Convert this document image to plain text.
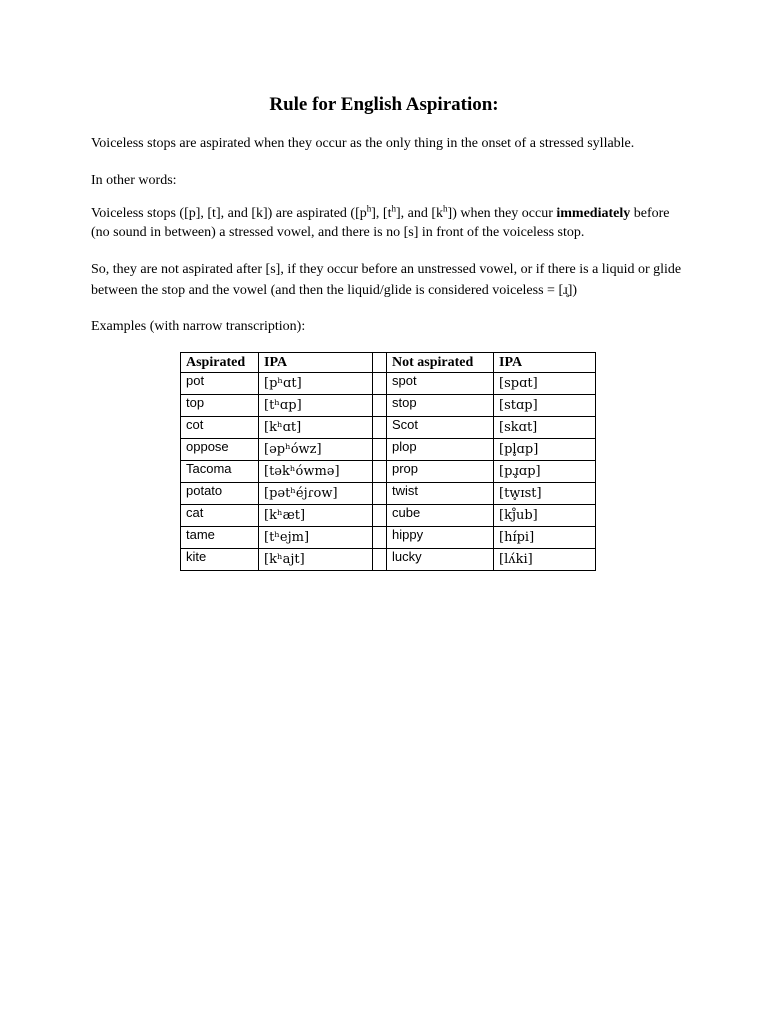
Rule for English Aspiration:
Voiceless stops are aspirated when they occur as the only thing in the onset of a stressed syllable.
In other words:
Voiceless stops ([p], [t], and [k]) are aspirated ($[p^h]$, $[t^h]$, and $[k^h]$) when they occur immediately before (no sound in between) a stressed vowel, and there is no [s] in front of the voiceless stop.
So, they are not aspirated after [s], if they occur before an unstressed vowel, or if there is a liquid or glide between the stop and the vowel (and then the liquid/glide is considered voiceless = [ɹ̥])
Examples (with narrow transcription):
Aspirated	IPA		Not aspirated	IPA
pot	[pʰɑt]		spot	[spɑt]
top	[tʰɑp]		stop	[stɑp]
cot	[kʰɑt]		Scot	[skɑt]
oppose	[əpʰówz]		plop	[pl̥ɑp]
Tacoma	[təkʰówmə]		prop	[pɹ̥ɑp]
potato	[pətʰéjɾow]		twist	[tw̥ɪst]
cat	[kʰæt]		cube	[kj̊ub]
tame	[tʰejm]		hippy	[hɪ́pi]
kite	[kʰajt]		lucky	[lʌ́ki]
